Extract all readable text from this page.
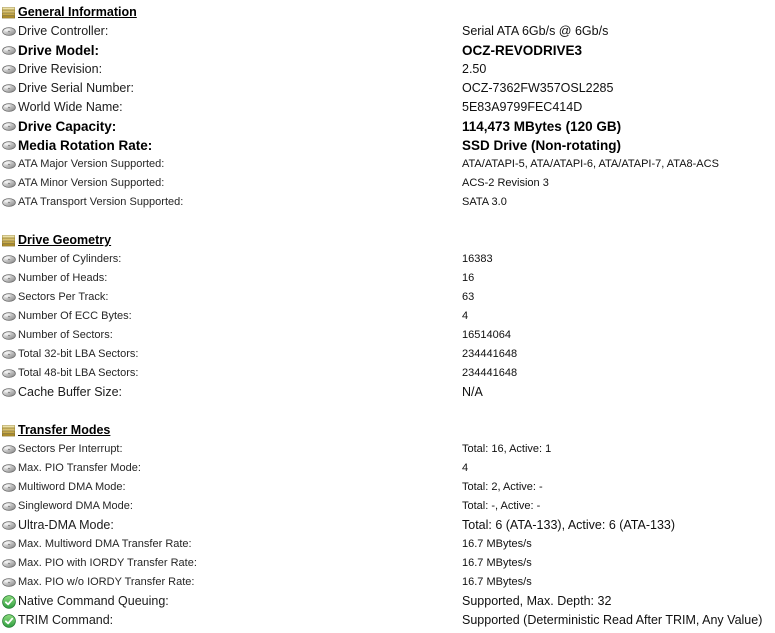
General Information
Drive Controller:	Serial ATA 6Gb/s @ 6Gb/s
Drive Model:	OCZ-REVODRIVE3
Drive Revision:	2.50
Drive Serial Number:	OCZ-7362FW357OSL2285
World Wide Name:	5E83A9799FEC414D
Drive Capacity:	114,473 MBytes (120 GB)
Media Rotation Rate:	SSD Drive (Non-rotating)
ATA Major Version Supported:	ATA/ATAPI-5, ATA/ATAPI-6, ATA/ATAPI-7, ATA8-ACS
ATA Minor Version Supported:	ACS-2 Revision 3
ATA Transport Version Supported:	SATA 3.0
Drive Geometry
Number of Cylinders:	16383
Number of Heads:	16
Sectors Per Track:	63
Number Of ECC Bytes:	4
Number of Sectors:	16514064
Total 32-bit LBA Sectors:	234441648
Total 48-bit LBA Sectors:	234441648
Cache Buffer Size:	N/A
Transfer Modes
Sectors Per Interrupt:	Total: 16, Active: 1
Max. PIO Transfer Mode:	4
Multiword DMA Mode:	Total: 2, Active: -
Singleword DMA Mode:	Total: -, Active: -
Ultra-DMA Mode:	Total: 6 (ATA-133), Active: 6 (ATA-133)
Max. Multiword DMA Transfer Rate:	16.7 MBytes/s
Max. PIO with IORDY Transfer Rate:	16.7 MBytes/s
Max. PIO w/o IORDY Transfer Rate:	16.7 MBytes/s
Native Command Queuing:	Supported, Max. Depth: 32
TRIM Command:	Supported (Deterministic Read After TRIM, Any Value)
